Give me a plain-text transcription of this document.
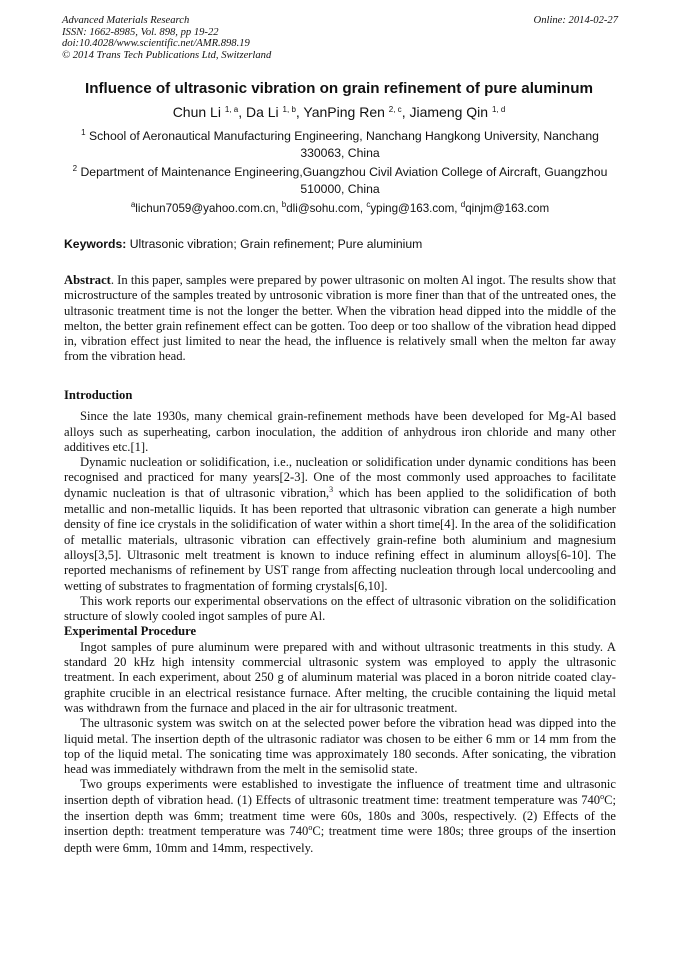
Advanced Materials Research
ISSN: 1662-8985, Vol. 898, pp 19-22
doi:10.4028/www.scientific.net/AMR.898.19
© 2014 Trans Tech Publications Ltd, Switzerland
Online: 2014-02-27
Influence of ultrasonic vibration on grain refinement of pure aluminum
Chun Li $^{1, a}$, Da Li $^{1, b}$, YanPing Ren $^{2, c}$, Jiameng Qin $^{1, d}$
$^1$ School of Aeronautical Manufacturing Engineering, Nanchang Hangkong University, Nanchang 330063, China
$^2$ Department of Maintenance Engineering,Guangzhou Civil Aviation College of Aircraft, Guangzhou 510000, China
$^a$lichun7059@yahoo.com.cn, $^b$dli@sohu.com, $^c$yping@163.com, $^d$qinjm@163.com
Keywords: Ultrasonic vibration; Grain refinement; Pure aluminium

Abstract. In this paper, samples were prepared by power ultrasonic on molten Al ingot. The results show that microstructure of the samples treated by untrosonic vibration is more finer than that of the untreated ones, the ultrasonic treatment time is not the longer the better. When the vibration head dipped into the middle of the melton, the better grain refinement effect can be gotten. Too deep or too shallow of the vibration head dipped in, vibration effect just limited to near the head, the influence is relatively small when the melton far away from the vibration head.

Introduction

Since the late 1930s, many chemical grain-refinement methods have been developed for Mg-Al based alloys such as superheating, carbon inoculation, the addition of anhydrous iron chloride and many other additives etc.[1].

Dynamic nucleation or solidification, i.e., nucleation or solidification under dynamic conditions has been recognised and practiced for many years[2-3]. One of the most commonly used approaches to facilitate dynamic nucleation is that of ultrasonic vibration,$^3$ which has been applied to the solidification of both metallic and non-metallic liquids. It has been reported that ultrasonic vibration can generate a high number density of fine ice crystals in the solidification of water within a short time[4]. In the area of the solidification of metallic materials, ultrasonic vibration can effectively grain-refine both aluminium and magnesium alloys[3,5]. Ultrasonic melt treatment is known to induce refining effect in aluminum alloys[6-10]. The reported mechanisms of refinement by UST range from affecting nucleation through local undercooling and wetting of substrates to fragmentation of forming crystals[6,10].

This work reports our experimental observations on the effect of ultrasonic vibration on the solidification structure of slowly cooled ingot samples of pure Al.

Experimental Procedure

Ingot samples of pure aluminum were prepared with and without ultrasonic treatments in this study. A standard 20 kHz high intensity commercial ultrasonic system was employed to apply the ultrasonic treatment. In each experiment, about 250 g of aluminum material was placed in a boron nitride coated clay-graphite crucible in an electrical resistance furnace. After melting, the crucible containing the liquid metal was withdrawn from the furnace and placed in the air for ultrasonic treatment.

The ultrasonic system was switch on at the selected power before the vibration head was dipped into the liquid metal. The insertion depth of the ultrasonic radiator was chosen to be either 6 mm or 14 mm from the top of the liquid metal. The sonicating time was approximately 180 seconds. After sonicating, the vibration head was immediately withdrawn from the melt in the semisolid state.

Two groups experiments were established to investigate the influence of treatment time and ultrasonic insertion depth of vibration head. (1) Effects of ultrasonic treatment time: treatment temperature was 740$^o$C; the insertion depth was 6mm; treatment time were 60s, 180s and 300s, respectively. (2) Effects of the insertion depth: treatment temperature was 740$^o$C; treatment time were 180s; three groups of the insertion depth were 6mm, 10mm and 14mm, respectively.
